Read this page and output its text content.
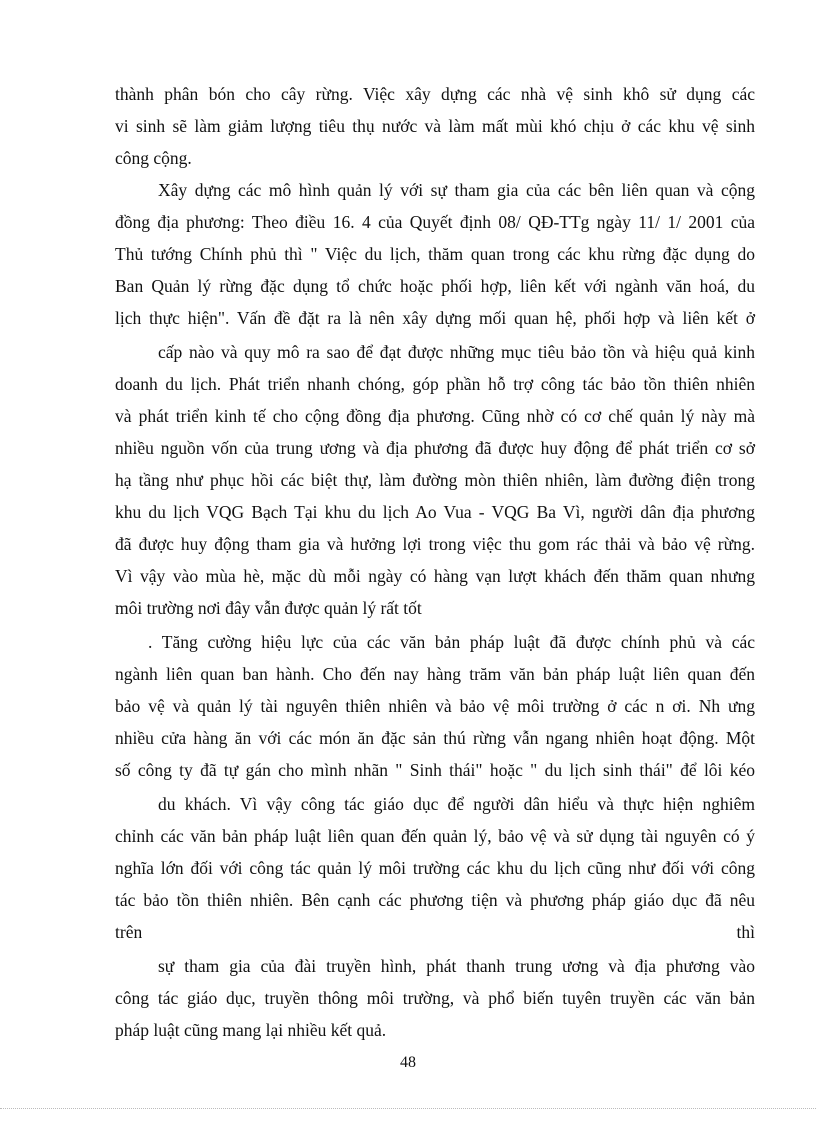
thành phân bón cho cây rừng. Việc xây dựng các nhà vệ sinh khô sử dụng các
vi sinh sẽ làm giảm lượng tiêu thụ nước và làm mất mùi khó chịu ở các khu vệ sinh
công cộng.
Xây dựng các mô hình quản lý với sự tham gia của các bên liên quan và cộng
đồng địa phương: Theo điều 16. 4 của Quyết định 08/ QĐ-TTg ngày 11/ 1/ 2001 của
Thủ tướng Chính phủ thì " Việc du lịch, thăm quan trong các khu rừng đặc dụng do
Ban Quản lý rừng đặc dụng tổ chức hoặc phối hợp, liên kết với ngành văn hoá, du
lịch thực hiện". Vấn đề đặt ra là nên xây dựng mối quan hệ, phối hợp và liên kết ở
cấp nào và quy mô ra sao để đạt được những mục tiêu bảo tồn và hiệu quả kinh
doanh du lịch. Phát triển nhanh chóng, góp phần hỗ trợ công tác bảo tồn thiên nhiên
và phát triển kinh tế cho cộng đồng địa phương. Cũng nhờ có cơ chế quản lý này mà
nhiều nguồn vốn của trung ương và địa phương đã được huy động để phát triển cơ sở
hạ tầng như phục hồi các biệt thự, làm đường mòn thiên nhiên, làm đường điện trong
khu du lịch VQG Bạch Tại khu du lịch Ao Vua - VQG Ba Vì, người dân địa phương
đã được huy động tham gia và hưởng lợi trong việc thu gom rác thải và bảo vệ rừng.
Vì vậy vào mùa hè, mặc dù mỗi ngày có hàng vạn lượt khách đến thăm quan nhưng
môi trường nơi đây vẫn được quản lý rất tốt
. Tăng cường hiệu lực của các văn bản pháp luật đã được chính phủ và các
ngành liên quan ban hành. Cho đến nay hàng trăm văn bản pháp luật liên quan đến
bảo vệ và quản lý tài nguyên thiên nhiên và bảo vệ môi trường ở các n ơi. Nh ưng
nhiều cửa hàng ăn với các món ăn đặc sản thú rừng vẫn ngang nhiên hoạt động. Một
số công ty đã tự gán cho mình nhãn " Sinh thái" hoặc " du lịch sinh thái" để lôi kéo
du khách. Vì vậy công tác giáo dục để người dân hiểu và thực hiện nghiêm
chỉnh các văn bản pháp luật liên quan đến quản lý, bảo vệ và sử dụng tài nguyên có ý
nghĩa lớn đối với công tác quản lý môi trường các khu du lịch cũng như đối với công
tác bảo tồn thiên nhiên. Bên cạnh các phương tiện và phương pháp giáo dục đã nêu
trên thì
sự tham gia của đài truyền hình, phát thanh trung ương và địa phương vào
công tác giáo dục, truyền thông môi trường, và phổ biến tuyên truyền các văn bản
pháp luật cũng mang lại nhiều kết quả.
48
